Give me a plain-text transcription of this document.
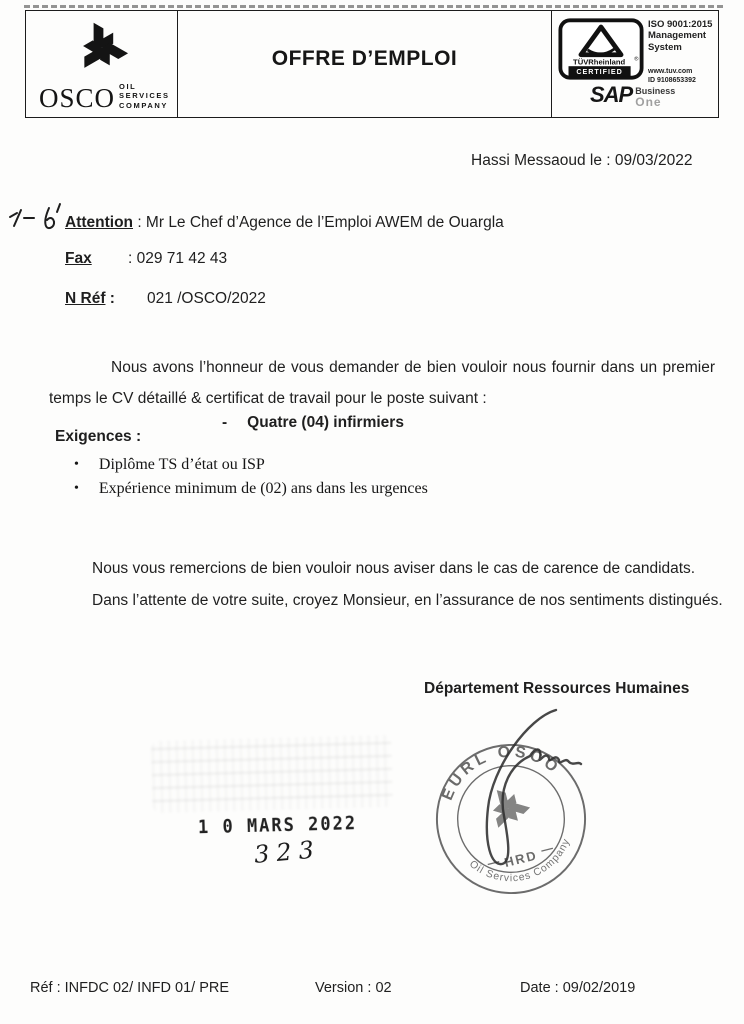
OSCO OIL SERVICES
COMPANY
OFFRE D’EMPLOI	TÜVRheinland ®
CERTIFIED
ISO 9001:2015
Management
System
www.tuv.com
ID 9108653392
SAP Business
One
Hassi Messaoud le : 09/03/2022
Attention : Mr Le Chef d’Agence de l’Emploi AWEM de Ouargla
Fax : 029 71 42 43
N Réf : 021 /OSCO/2022
Nous avons l’honneur de vous demander de bien vouloir nous fournir dans un premier temps le CV détaillé & certificat de travail pour le poste suivant :
- Quatre (04) infirmiers
Exigences :
• Diplôme TS d’état ou ISP
• Expérience minimum de (02) ans dans les urgences
Nous vous remercions de bien vouloir nous aviser dans le cas de carence de candidats.
Dans l’attente de votre suite, croyez Monsieur, en l’assurance de nos sentiments distingués.
Département Ressources Humaines
1 0 MARS 2022
323
EURL OSCO
Oil Services Company
HRD
Réf : INFDC 02/ INFD 01/ PRE	Version : 02	Date : 09/02/2019
